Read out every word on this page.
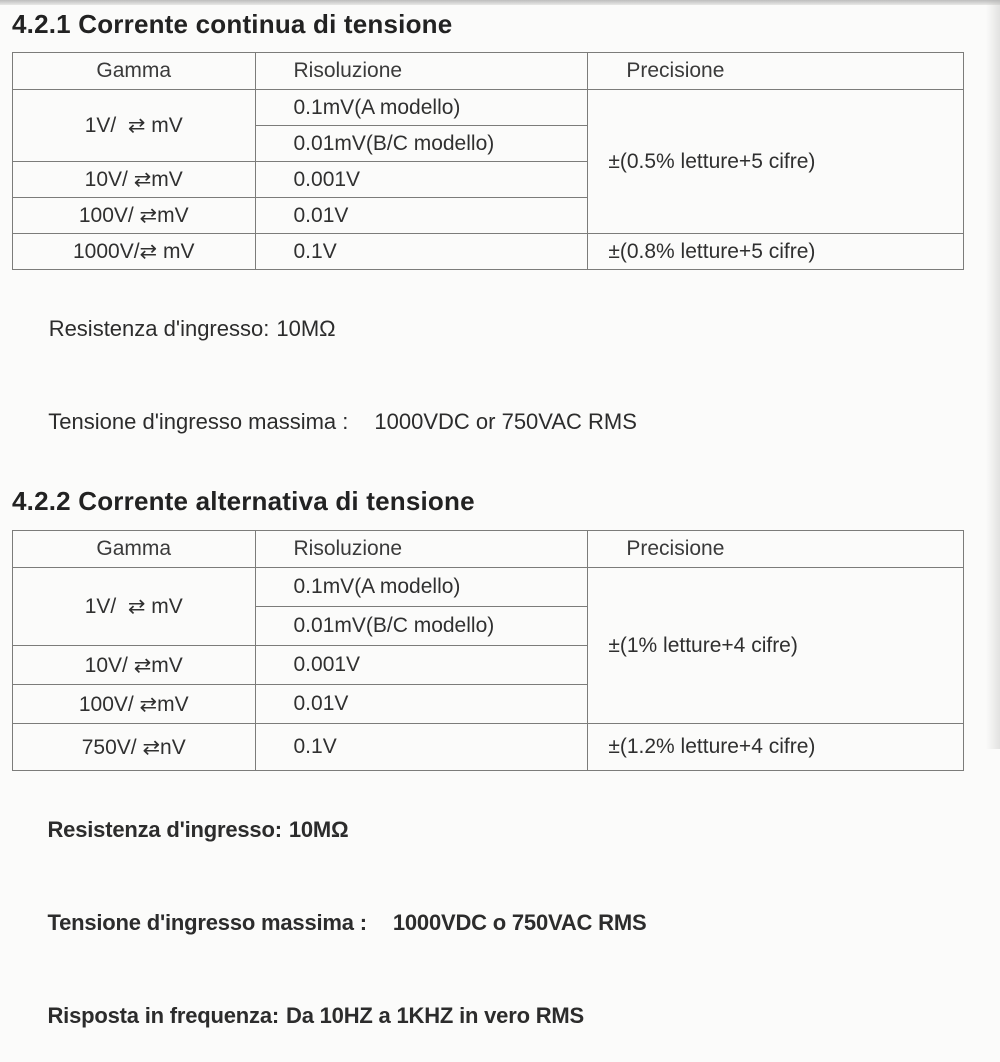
4.2.1 Corrente continua di tensione
Gamma	Risoluzione	Precisione
1V/  ⇄ mV	0.1mV(A modello)	±(0.5% letture+5 cifre)
	0.01mV(B/C modello)	
10V/ ⇄mV	0.001V	
100V/ ⇄mV	0.01V	
1000V/⇄ mV	0.1V	±(0.8% letture+5 cifre)

Resistenza d'ingresso: 10MΩ

Tensione d'ingresso massima : 1000VDC or 750VAC RMS

4.2.2 Corrente alternativa di tensione
Gamma	Risoluzione	Precisione
1V/  ⇄ mV	0.1mV(A modello)	±(1% letture+4 cifre)
	0.01mV(B/C modello)	
10V/ ⇄mV	0.001V	
100V/ ⇄mV	0.01V	
750V/ ⇄nV	0.1V	±(1.2% letture+4 cifre)

Resistenza d'ingresso: 10MΩ

Tensione d'ingresso massima : 1000VDC o 750VAC RMS

Risposta in frequenza: Da 10HZ a 1KHZ in vero RMS
